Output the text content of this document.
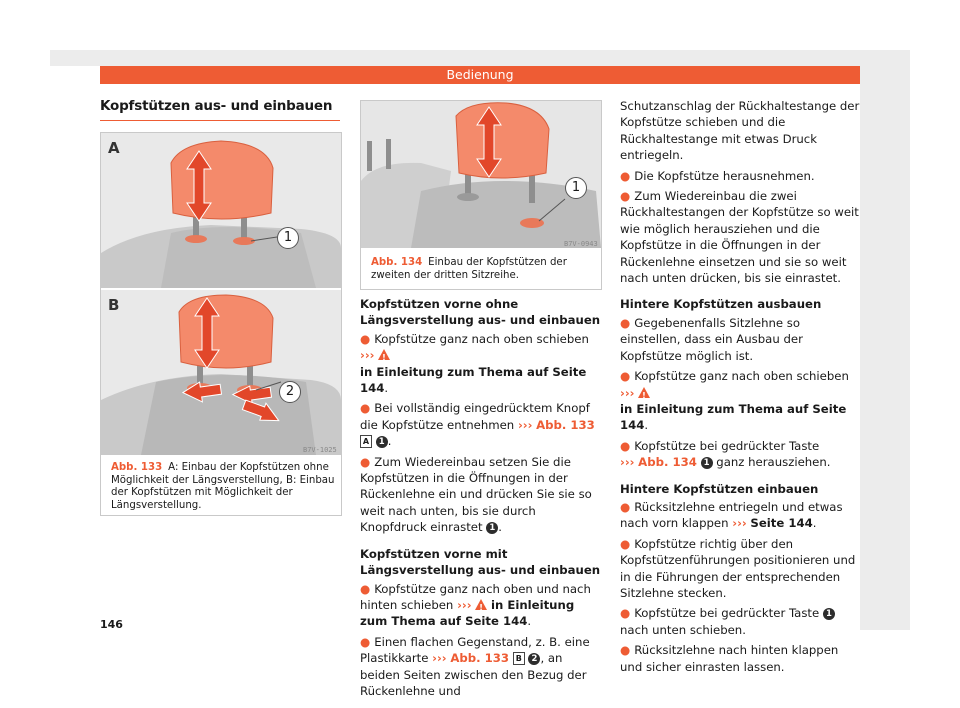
Bedienung
Kopfstützen aus- und einbauen
A
1
B
2
B7V-1025
Abb. 133 A: Einbau der Kopfstützen ohne Möglichkeit der Längsverstellung, B: Einbau der Kopfstützen mit Möglichkeit der Längsverstellung.
1
B7V-0943
Abb. 134 Einbau der Kopfstützen der zweiten der dritten Sitzreihe.
Kopfstützen vorne ohne Längsverstellung aus- und einbauen

● Kopfstütze ganz nach oben schieben ››› !
in Einleitung zum Thema auf Seite 144.

● Bei vollständig eingedrücktem Knopf die Kopfstütze entnehmen ››› Abb. 133 A 1 .

● Zum Wiedereinbau setzen Sie die Kopfstützen in die Öffnungen in der Rückenlehne ein und drücken Sie sie so weit nach unten, bis sie durch Knopfdruck einrastet 1 .

Kopfstützen vorne mit Längsverstellung aus- und einbauen

● Kopfstütze ganz nach oben und nach hinten schieben ››› ! in Einleitung zum Thema auf Seite 144.

● Einen flachen Gegenstand, z. B. eine Plastikkarte ››› Abb. 133 B 2 , an beiden Seiten zwischen den Bezug der Rückenlehne und

Schutzanschlag der Rückhaltestange der Kopfstütze schieben und die Rückhaltestange mit etwas Druck entriegeln.

● Die Kopfstütze herausnehmen.

● Zum Wiedereinbau die zwei Rückhaltestangen der Kopfstütze so weit wie möglich herausziehen und die Kopfstütze in die Öffnungen in der Rückenlehne einsetzen und sie so weit nach unten drücken, bis sie einrastet.

Hintere Kopfstützen ausbauen

● Gegebenenfalls Sitzlehne so einstellen, dass ein Ausbau der Kopfstütze möglich ist.

● Kopfstütze ganz nach oben schieben ››› !
in Einleitung zum Thema auf Seite 144.

● Kopfstütze bei gedrückter Taste
››› Abb. 134 1 ganz herausziehen.

Hintere Kopfstützen einbauen

● Rücksitzlehne entriegeln und etwas nach vorn klappen ››› Seite 144.

● Kopfstütze richtig über den Kopfstützenführungen positionieren und in die Führungen der entsprechenden Sitzlehne stecken.

● Kopfstütze bei gedrückter Taste 1 nach unten schieben.

● Rücksitzlehne nach hinten klappen und sicher einrasten lassen.

146
